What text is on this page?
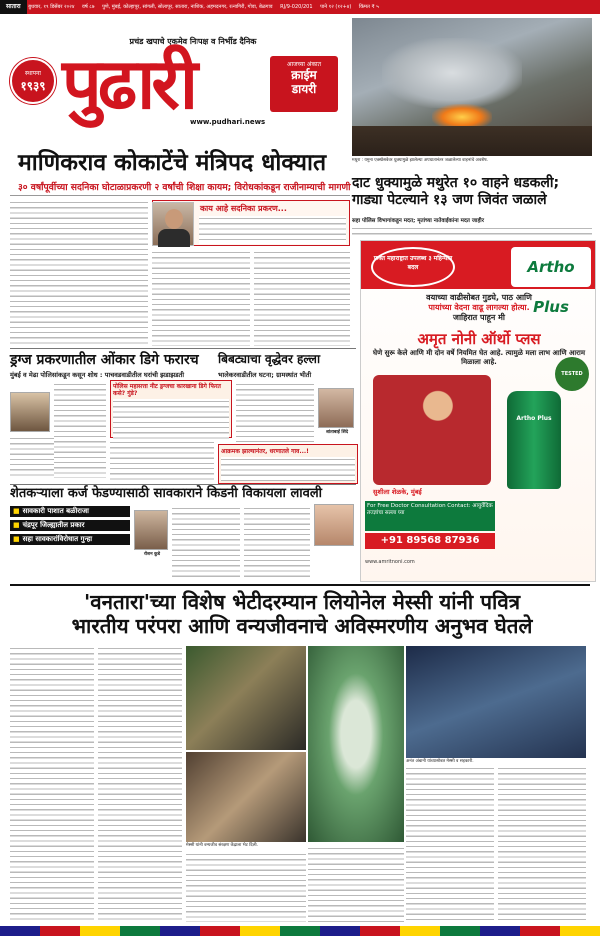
सातारा बुधवार, १९ डिसेंबर २०२४ वर्ष ८७ पुणे, मुंबई, कोल्हापूर, सांगली, सोलापूर, सातारा, नाशिक, अहमदनगर, रत्नागिरी, गोवा, बेळगाव RJ/9-020/201 पाने १२ (१२+४) किंमत ₹ ५
प्रचंड खपाचे एकमेव निःपक्ष व निर्भीड दैनिक
स्थापना
१९३९ पुढारी	आजच्या अंकात
क्राईम
डायरी
www.pudhari.news
मथुरा : यमुना एक्स्प्रेसवेवर धुक्यामुळे झालेल्या अपघातानंतर जळालेल्या वाहनांचे अवशेष.
माणिकराव कोकाटेंचे मंत्रिपद धोक्यात
३० वर्षांपूर्वीच्या सदनिका घोटाळाप्रकरणी २ वर्षांची शिक्षा कायम; विरोधकांकडून राजीनाम्याची मागणी
काय आहे सदनिका प्रकरण...
दाट धुक्यामुळे मथुरेत १० वाहने धडकली;
गाड्या पेटल्याने १३ जण जिवंत जळाले
सहा पोलिस विभागांकडून मदत; मृतांच्या नातेवाईकांना मदत जाहीर
ड्रग्ज प्रकरणातील ओंकार डिगे फरारच
मुंबई व मेढा पोलिसांकडून कसून शोध : पाचवडवाडीतील घरांची झडाझडती
पोलिस महासत्ता नीट ड्रग्जचा कारखाना डिगे फिरत कसे? गुंडे?
बिबट्याचा वृद्धेवर हल्ला
भालेकरवाडीतील घटना; ग्रामस्थांत भीती
शांताबाई शिंदे
आक्रमक झाल्यानंतर, धरणातले गाव...!
शेतकऱ्याला कर्ज फेडण्यासाठी सावकाराने किडनी विकायला लावली
■ सावकारी पाशात बळीराजा
■ चंद्रपूर जिल्ह्यातील प्रकार
■ सहा सावकारांविरोधात गुन्हा
रोशन कुडे
फक्त महाराष्ट्रात उपलब्ध ३ महिन्यांत बदल	Artho Plus
वयाच्या वाढीसोबत गुडघे, पाठ आणि
पायांच्या वेदना वाढू लागल्या होत्या.
जाहिरात पाहून मी
अमृत नोनी ऑर्थो प्लस
घेणे सुरू केले आणि मी दोन वर्षे नियमित घेत आहे. त्यामुळे मला लाभ आणि आराम मिळाला आहे.
TESTED
Artho Plus
सुशीला शेळके, मुंबई
For Free Doctor Consultation Contact: आयुर्वेदिक तज्ज्ञांचा सल्ला घ्या
+91 89568 87936
www.amritnoni.com
'वनतारा'च्या विशेष भेटीदरम्यान लियोनेल मेस्सी यांनी पवित्र
भारतीय परंपरा आणि वन्यजीवनाचे अविस्मरणीय अनुभव घेतले
मेस्सी यांनी वन्यजीव संरक्षण केंद्राला भेट दिली.
अनंत अंबानी यांच्यासोबत मेस्सी व सहकारी.
